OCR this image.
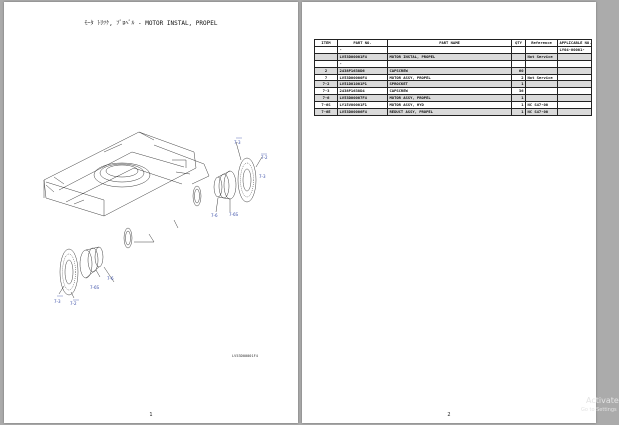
ﾓｰﾀ ﾄﾘﾂｹ, ﾌﾟﾛﾍﾟﾙ - MOTOR INSTAL, PROPEL
7-3
7-2
7-3
7-6	7-6S
7-3 7-2
7-6
7-6S
LV53D00001F4
1
ITEM	PART NO.	PART NAME	QTY	Reference	APPLICABLE NO.
	-				LY04-00001-
	LV53D00001F4	MOTOR INSTAL, PROPEL		Not Service	
	-				
2	2438P1638D6	CAPSCREW	60		
7	LV53D00000F4	MOTOR ASSY, PROPEL	2	Not Service	
7-2	LV51D01001P1	SPROCKET	1		
7-3	2438P1638D4	CAPSCREW	36		
7-6	LV53D00007F4	MOTOR ASSY, PROPEL	1		
7-6S	LY15V00001F1	MOTOR ASSY, HYD	1	NC S47-00	
7-6E	LV53D00006F4	REDUCT ASSY, PROPEL	1	NC S47-00	
2
Activate
Go to Settings
